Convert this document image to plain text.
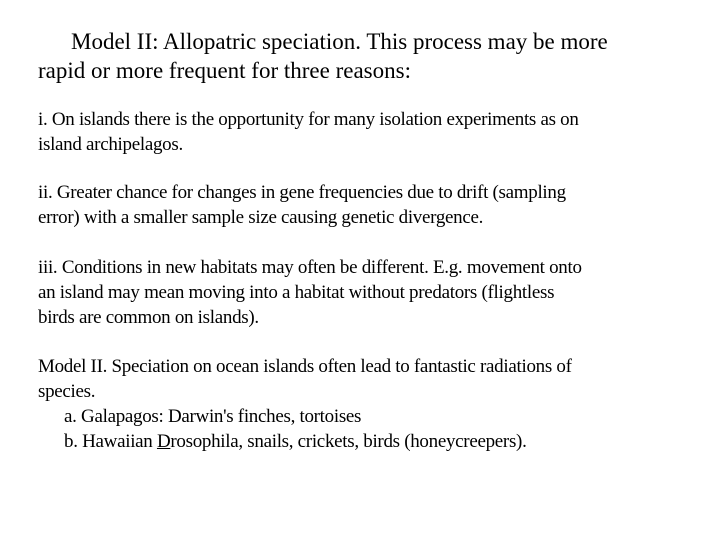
Model II: Allopatric speciation. This process may be more
rapid or more frequent for three reasons:
i. On islands there is the opportunity for many isolation experiments as on
island archipelagos.
ii. Greater chance for changes in gene frequencies due to drift (sampling
error) with a smaller sample size causing genetic divergence.
iii. Conditions in new habitats may often be different. E.g. movement onto
an island may mean moving into a habitat without predators (flightless
birds are common on islands).
Model II. Speciation on ocean islands often lead to fantastic radiations of
species.
a. Galapagos: Darwin's finches, tortoises
b. Hawaiian Drosophila, snails, crickets, birds (honeycreepers).
